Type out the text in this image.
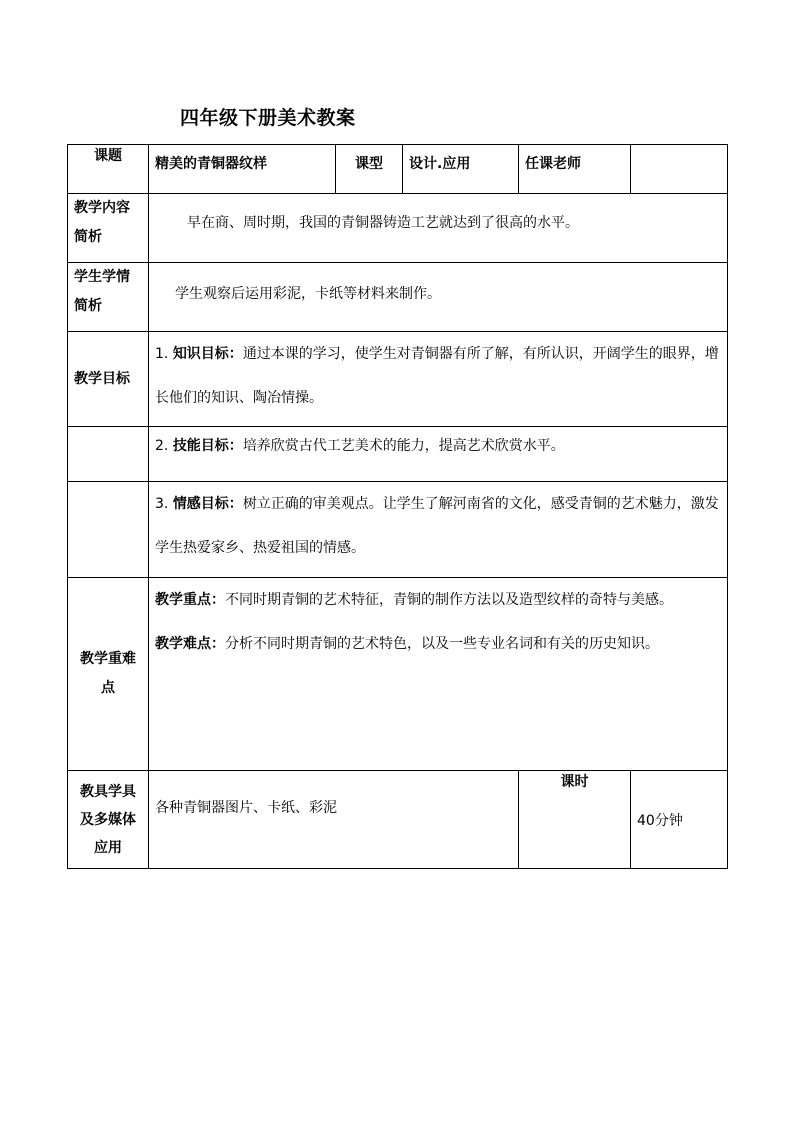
四年级下册美术教案
课题	精美的青铜器纹样	课型	设计.应用	任课老师	
教学内容简析	早在商、周时期，我国的青铜器铸造工艺就达到了很高的水平。				

学生学情简析	学生观察后运用彩泥，卡纸等材料来制作。				

教学目标	1. 知识目标：通过本课的学习，使学生对青铜器有所了解，有所认识，开阔学生的眼界，增长他们的知识、陶冶情操。				
	2. 技能目标：培养欣赏古代工艺美术的能力，提高艺术欣赏水平。				
	3. 情感目标：树立正确的审美观点。让学生了解河南省的文化，感受青铜的艺术魅力，激发学生热爱家乡、热爱祖国的情感。				
教学重难点	教学重点：不同时期青铜的艺术特征，青铜的制作方法以及造型纹样的奇特与美感。
教学难点：分析不同时期青铜的艺术特色，以及一些专业名词和有关的历史知识。				

教具学具及多媒体应用	各种青铜器图片、卡纸、彩泥			课时	40分钟
